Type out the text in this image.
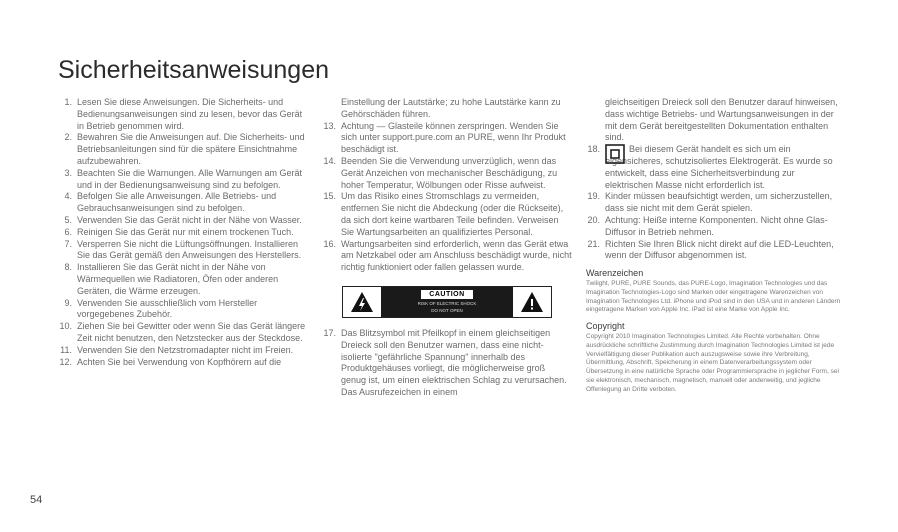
Sicherheitsanweisungen
1. Lesen Sie diese Anweisungen. Die Sicherheits- und Bedienungsanweisungen sind zu lesen, bevor das Gerät in Betrieb genommen wird.
2. Bewahren Sie die Anweisungen auf. Die Sicherheits- und Betriebsanleitungen sind für die spätere Einsichtnahme aufzubewahren.
3. Beachten Sie die Warnungen. Alle Warnungen am Gerät und in der Bedienungsanweisung sind zu befolgen.
4. Befolgen Sie alle Anweisungen. Alle Betriebs- und Gebrauchsanweisungen sind zu befolgen.
5. Verwenden Sie das Gerät nicht in der Nähe von Wasser.
6. Reinigen Sie das Gerät nur mit einem trockenen Tuch.
7. Versperren Sie nicht die Lüftungsöffnungen. Installieren Sie das Gerät gemäß den Anweisungen des Herstellers.
8. Installieren Sie das Gerät nicht in der Nähe von Wärmequellen wie Radiatoren, Öfen oder anderen Geräten, die Wärme erzeugen.
9. Verwenden Sie ausschließlich vom Hersteller vorgegebenes Zubehör.
10. Ziehen Sie bei Gewitter oder wenn Sie das Gerät längere Zeit nicht benutzen, den Netzstecker aus der Steckdose.
11. Verwenden Sie den Netzstromadapter nicht im Freien.
12. Achten Sie bei Verwendung von Kopfhörern auf die
Einstellung der Lautstärke; zu hohe Lautstärke kann zu Gehörschäden führen.
13. Achtung — Glasteile können zerspringen. Wenden Sie sich unter support.pure.com an PURE, wenn Ihr Produkt beschädigt ist.
14. Beenden Sie die Verwendung unverzüglich, wenn das Gerät Anzeichen von mechanischer Beschädigung, zu hoher Temperatur, Wölbungen oder Risse aufweist.
15. Um das Risiko eines Stromschlags zu vermeiden, entfernen Sie nicht die Abdeckung (oder die Rückseite), da sich dort keine wartbaren Teile befinden. Verweisen Sie Wartungsarbeiten an qualifiziertes Personal.
16. Wartungsarbeiten sind erforderlich, wenn das Gerät etwa am Netzkabel oder am Anschluss beschädigt wurde, nicht richtig funktioniert oder fallen gelassen wurde.
CAUTION
RISK OF ELECTRIC SHOCK
DO NOT OPEN
17. Das Blitzsymbol mit Pfeilkopf in einem gleichseitigen Dreieck soll den Benutzer warnen, dass eine nicht-isolierte "gefährliche Spannung" innerhalb des Produktgehäuses vorliegt, die möglicherweise groß genug ist, um einen elektrischen Schlag zu verursachen. Das Ausrufezeichen in einem
gleichseitigen Dreieck soll den Benutzer darauf hinweisen, dass wichtige Betriebs- und Wartungsanweisungen in der mit dem Gerät bereitgestellten Dokumentation enthalten sind.
18.	Bei diesem Gerät handelt es sich um ein eigensicheres, schutzisoliertes Elektrogerät. Es wurde so entwickelt, dass eine Sicherheitsverbindung zur elektrischen Masse nicht erforderlich ist.
19. Kinder müssen beaufsichtigt werden, um sicherzustellen, dass sie nicht mit dem Gerät spielen.
20. Achtung: Heiße interne Komponenten. Nicht ohne Glas-Diffusor in Betrieb nehmen.
21. Richten Sie Ihren Blick nicht direkt auf die LED-Leuchten, wenn der Diffusor abgenommen ist.
Warenzeichen
Twilight, PURE, PURE Sounds, das PURE-Logo, Imagination Technologies und das Imagination Technologies-Logo sind Marken oder eingetragene Warenzeichen von Imagination Technologies Ltd. iPhone und iPod sind in den USA und in anderen Ländern eingetragene Marken von Apple Inc. iPad ist eine Marke von Apple Inc.
Copyright
Copyright 2010 Imagination Technologies Limited. Alle Rechte vorbehalten. Ohne ausdrückliche schriftliche Zustimmung durch Imagination Technologies Limited ist jede Vervielfältigung dieser Publikation auch auszugsweise sowie ihre Verbreitung, Übermittlung, Abschrift, Speicherung in einem Datenverarbeitungssystem oder Übersetzung in eine natürliche Sprache oder Programmiersprache in jeglicher Form, sei sie elektronisch, mechanisch, magnetisch, manuell oder anderweitig, und jegliche Offenlegung an Dritte verboten.
54
